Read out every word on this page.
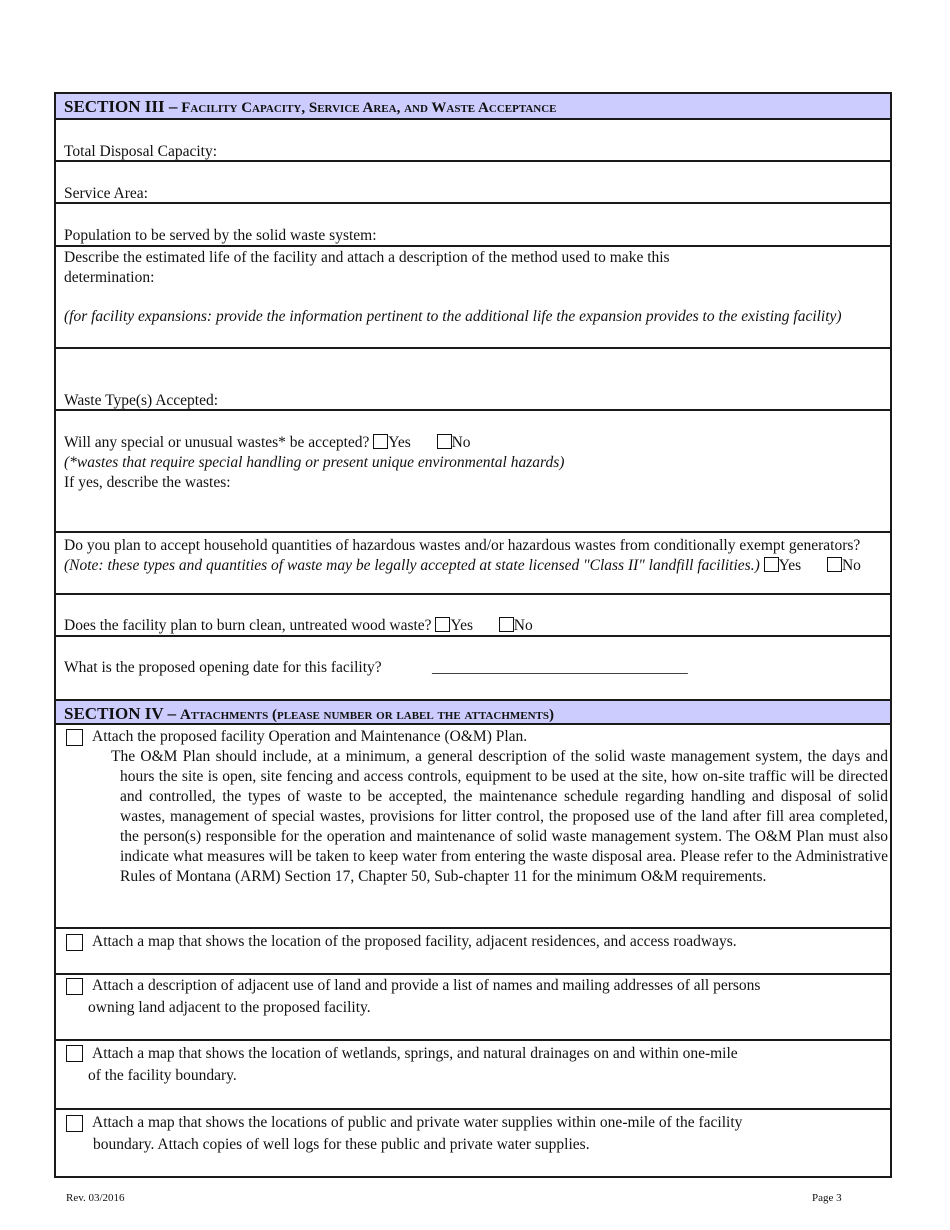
SECTION III – Facility Capacity, Service Area, and Waste Acceptance
Total Disposal Capacity:
Service Area:
Population to be served by the solid waste system:
Describe the estimated life of the facility and attach a description of the method used to make this
determination:
(for facility expansions: provide the information pertinent to the additional life the expansion provides to the existing facility)
Waste Type(s) Accepted:
Will any special or unusual wastes* be accepted? Yes	No
(*wastes that require special handling or present unique environmental hazards)
If yes, describe the wastes:
Do you plan to accept household quantities of hazardous wastes and/or hazardous wastes from conditionally exempt generators? (Note: these types and quantities of waste may be legally accepted at state licensed "Class II" landfill facilities.) Yes	No
Does the facility plan to burn clean, untreated wood waste? Yes	No
What is the proposed opening date for this facility?	_________________________________
SECTION IV – Attachments (please number or label the attachments)
Attach the proposed facility Operation and Maintenance (O&M) Plan.
The O&M Plan should include, at a minimum, a general description of the solid waste management system, the days and hours the site is open, site fencing and access controls, equipment to be used at the site, how on-site traffic will be directed and controlled, the types of waste to be accepted, the maintenance schedule regarding handling and disposal of solid wastes, management of special wastes, provisions for litter control, the proposed use of the land after fill area completed, the person(s) responsible for the operation and maintenance of solid waste management system. The O&M Plan must also indicate what measures will be taken to keep water from entering the waste disposal area. Please refer to the Administrative Rules of Montana (ARM) Section 17, Chapter 50, Sub-chapter 11 for the minimum O&M requirements.
Attach a map that shows the location of the proposed facility, adjacent residences, and access roadways.
Attach a description of adjacent use of land and provide a list of names and mailing addresses of all persons
owning land adjacent to the proposed facility.
Attach a map that shows the location of wetlands, springs, and natural drainages on and within one-mile
of the facility boundary.
Attach a map that shows the locations of public and private water supplies within one-mile of the facility
boundary. Attach copies of well logs for these public and private water supplies.
Rev. 03/2016	Page 3
